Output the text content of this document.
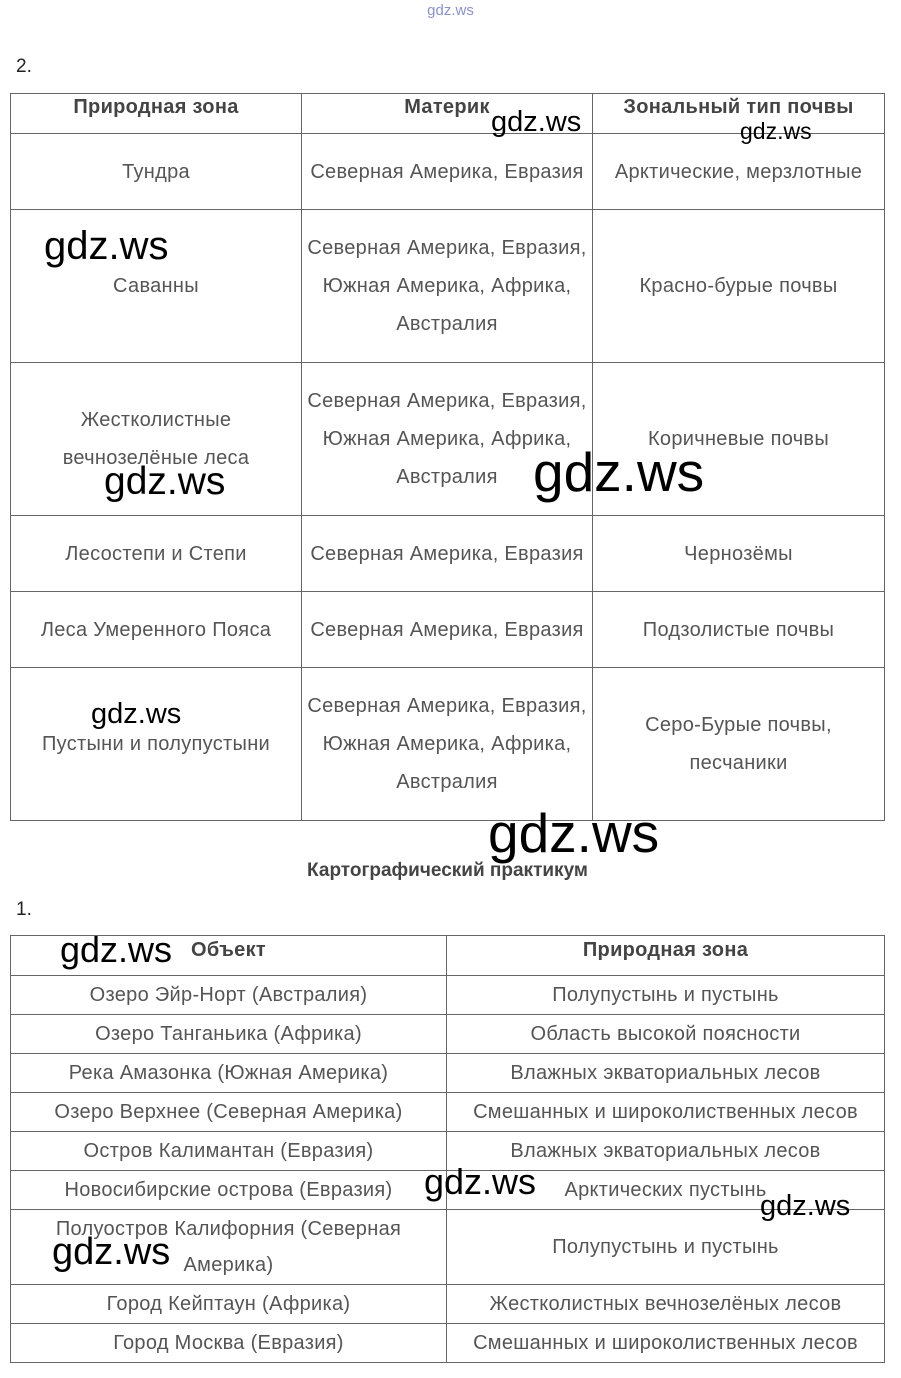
gdz.ws
2.
Природная зона	Материк	Зональный тип почвы
Тундра	Северная Америка, Евразия	Арктические, мерзлотные
Саванны	Северная Америка, Евразия, Южная Америка, Африка, Австралия	Красно-бурые почвы
Жестколистные вечнозелёные леса	Северная Америка, Евразия, Южная Америка, Африка, Австралия	Коричневые почвы
Лесостепи и Степи	Северная Америка, Евразия	Чернозёмы
Леса Умеренного Пояса	Северная Америка, Евразия	Подзолистые почвы
Пустыни и полупустыни	Северная Америка, Евразия, Южная Америка, Африка, Австралия	Серо-Бурые почвы, песчаники
Картографический практикум
1.
Объект	Природная зона
Озеро Эйр-Норт (Австралия)	Полупустынь и пустынь
Озеро Танганьика (Африка)	Область высокой поясности
Река Амазонка (Южная Америка)	Влажных экваториальных лесов
Озеро Верхнее (Северная Америка)	Смешанных и широколиственных лесов
Остров Калимантан (Евразия)	Влажных экваториальных лесов
Новосибирские острова (Евразия)	Арктических пустынь
Полуостров Калифорния (Северная Америка)	Полупустынь и пустынь
Город Кейптаун (Африка)	Жестколистных вечнозелёных лесов
Город Москва (Евразия)	Смешанных и широколиственных лесов
gdz.ws	gdz.ws
gdz.ws
gdz.ws	gdz.ws
gdz.ws
gdz.ws
gdz.ws
gdz.ws
gdz.ws
gdz.ws
